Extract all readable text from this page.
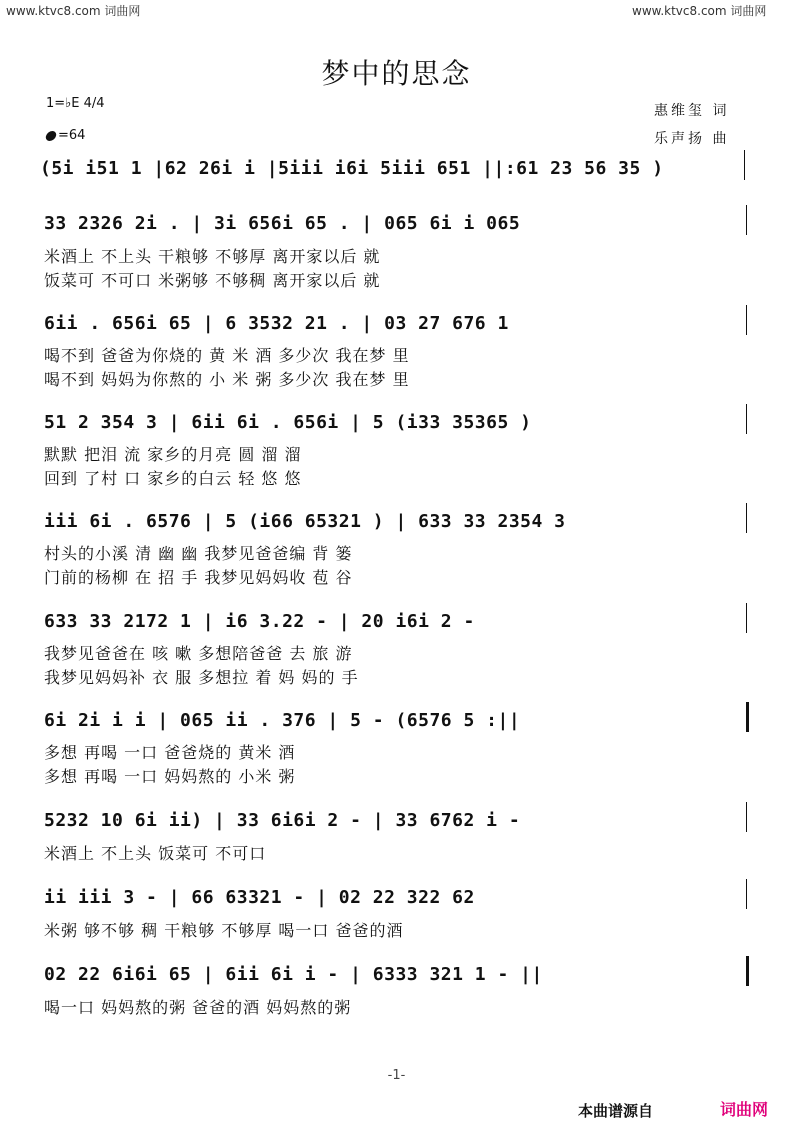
www.ktvc8.com 词曲网	www.ktvc8.com 词曲网
梦中的思念
1=♭E 4/4
=64
惠维玺 词
乐声扬 曲
(5i i51 1 |62 26i i |5iii i6i 5iii 651 ||:61 23 56 35 )
33 2326 2i . | 3i 656i 65 . | 065 6i i 065
米酒上 不上头 干粮够 不够厚 离开家以后 就
饭菜可 不可口 米粥够 不够稠 离开家以后 就
6ii . 656i 65 | 6 3532 21 . | 03 27 676 1
喝不到 爸爸为你烧的 黄 米 酒 多少次 我在梦 里
喝不到 妈妈为你熬的 小 米 粥 多少次 我在梦 里
51 2 354 3 | 6ii 6i . 656i | 5 (i33 35365 )
默默 把泪 流 家乡的月亮 圆 溜 溜
回到 了村 口 家乡的白云 轻 悠 悠
iii 6i . 6576 | 5 (i66 65321 ) | 633 33 2354 3
村头的小溪 清 幽 幽 我梦见爸爸编 背 篓
门前的杨柳 在 招 手 我梦见妈妈收 苞 谷
633 33 2172 1 | i6 3.22 - | 20 i6i 2 -
我梦见爸爸在 咳 嗽 多想陪爸爸 去 旅 游
我梦见妈妈补 衣 服 多想拉 着 妈 妈的 手
6i 2i i i | 065 ii . 376 | 5 - (6576 5 :||
多想 再喝 一口 爸爸烧的 黄米 酒
多想 再喝 一口 妈妈熬的 小米 粥
5232 10 6i ii) | 33 6i6i 2 - | 33 6762 i -
米酒上 不上头 饭菜可 不可口
ii iii 3 - | 66 63321 - | 02 22 322 62
米粥 够不够 稠 干粮够 不够厚 喝一口 爸爸的酒
02 22 6i6i 65 | 6ii 6i i - | 6333 321 1 - ||
喝一口 妈妈熬的粥 爸爸的酒 妈妈熬的粥
-1-
本曲谱源自	词曲网
